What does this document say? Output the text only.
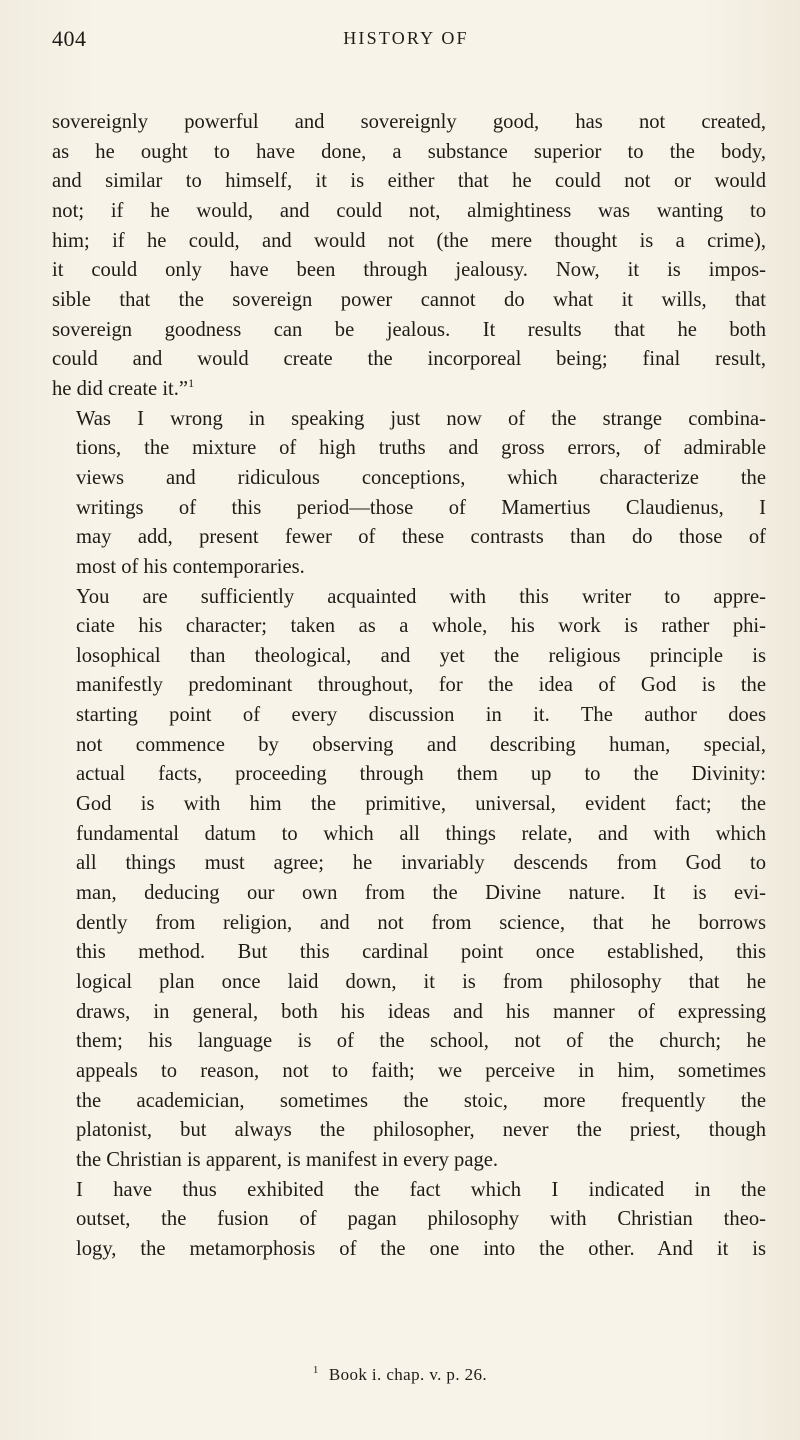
404	HISTORY OF

sovereignly powerful and sovereignly good, has not created,
as he ought to have done, a substance superior to the body,
and similar to himself, it is either that he could not or would
not; if he would, and could not, almightiness was wanting to
him; if he could, and would not (the mere thought is a crime),
it could only have been through jealousy. Now, it is impos-
sible that the sovereign power cannot do what it wills, that
sovereign goodness can be jealous. It results that he both
could and would create the incorporeal being; final result,
he did create it.”$^1$

Was I wrong in speaking just now of the strange combina-
tions, the mixture of high truths and gross errors, of admirable
views and ridiculous conceptions, which characterize the
writings of this period—those of Mamertius Claudienus, I
may add, present fewer of these contrasts than do those of
most of his contemporaries.

You are sufficiently acquainted with this writer to appre-
ciate his character; taken as a whole, his work is rather phi-
losophical than theological, and yet the religious principle is
manifestly predominant throughout, for the idea of God is the
starting point of every discussion in it. The author does
not commence by observing and describing human, special,
actual facts, proceeding through them up to the Divinity:
God is with him the primitive, universal, evident fact; the
fundamental datum to which all things relate, and with which
all things must agree; he invariably descends from God to
man, deducing our own from the Divine nature. It is evi-
dently from religion, and not from science, that he borrows
this method. But this cardinal point once established, this
logical plan once laid down, it is from philosophy that he
draws, in general, both his ideas and his manner of expressing
them; his language is of the school, not of the church; he
appeals to reason, not to faith; we perceive in him, sometimes
the academician, sometimes the stoic, more frequently the
platonist, but always the philosopher, never the priest, though
the Christian is apparent, is manifest in every page.

I have thus exhibited the fact which I indicated in the
outset, the fusion of pagan philosophy with Christian theo-
logy, the metamorphosis of the one into the other. And it is

$^1$ Book i. chap. v. p. 26.
